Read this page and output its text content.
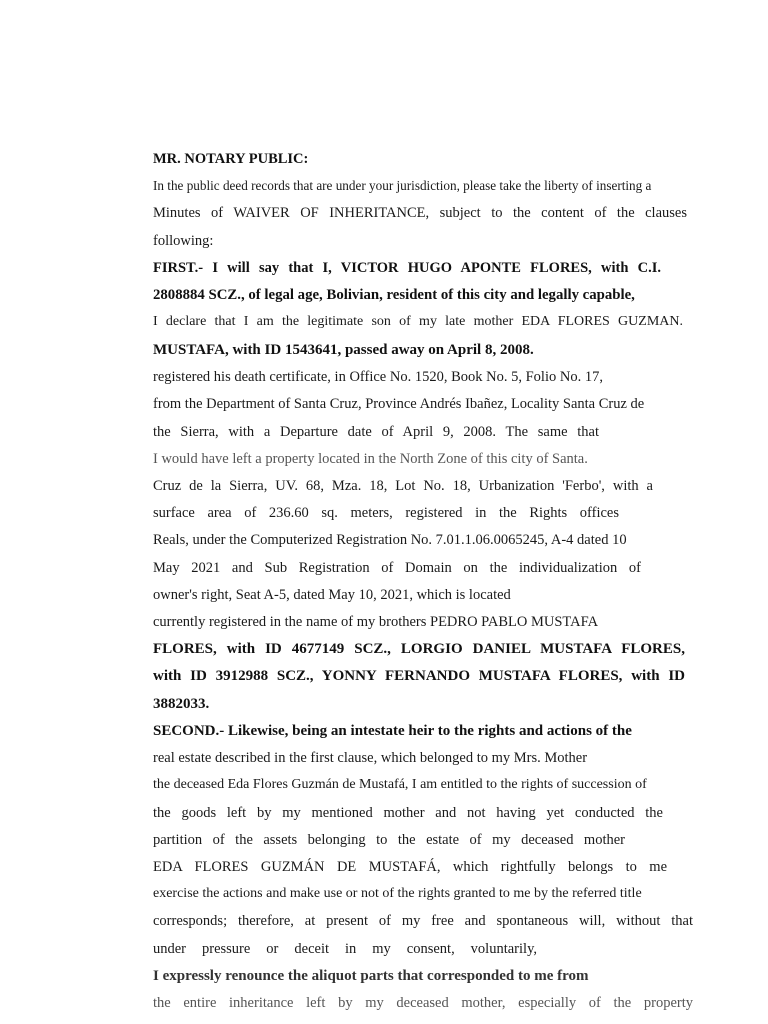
MR. NOTARY PUBLIC:
In the public deed records that are under your jurisdiction, please take the liberty of inserting a
Minutes of WAIVER OF INHERITANCE, subject to the content of the clauses
following:
FIRST.- I will say that I, VICTOR HUGO APONTE FLORES, with C.I.
2808884 SCZ., of legal age, Bolivian, resident of this city and legally capable,
I declare that I am the legitimate son of my late mother EDA FLORES GUZMAN.
MUSTAFA, with ID 1543641, passed away on April 8, 2008.
registered his death certificate, in Office No. 1520, Book No. 5, Folio No. 17,
from the Department of Santa Cruz, Province Andrés Ibañez, Locality Santa Cruz de
the Sierra, with a Departure date of April 9, 2008. The same that
I would have left a property located in the North Zone of this city of Santa.
Cruz de la Sierra, UV. 68, Mza. 18, Lot No. 18, Urbanization 'Ferbo', with a
surface area of 236.60 sq. meters, registered in the Rights offices
Reals, under the Computerized Registration No. 7.01.1.06.0065245, A-4 dated 10
May 2021 and Sub Registration of Domain on the individualization of
owner's right, Seat A-5, dated May 10, 2021, which is located
currently registered in the name of my brothers PEDRO PABLO MUSTAFA
FLORES, with ID 4677149 SCZ., LORGIO DANIEL MUSTAFA FLORES,
with ID 3912988 SCZ., YONNY FERNANDO MUSTAFA FLORES, with ID
3882033.
SECOND.- Likewise, being an intestate heir to the rights and actions of the
real estate described in the first clause, which belonged to my Mrs. Mother
the deceased Eda Flores Guzmán de Mustafá, I am entitled to the rights of succession of
the goods left by my mentioned mother and not having yet conducted the
partition of the assets belonging to the estate of my deceased mother
EDA FLORES GUZMÁN DE MUSTAFÁ, which rightfully belongs to me
exercise the actions and make use or not of the rights granted to me by the referred title
corresponds; therefore, at present of my free and spontaneous will, without that
under pressure or deceit in my consent, voluntarily,
I expressly renounce the aliquot parts that corresponded to me from
the entire inheritance left by my deceased mother, especially of the property
